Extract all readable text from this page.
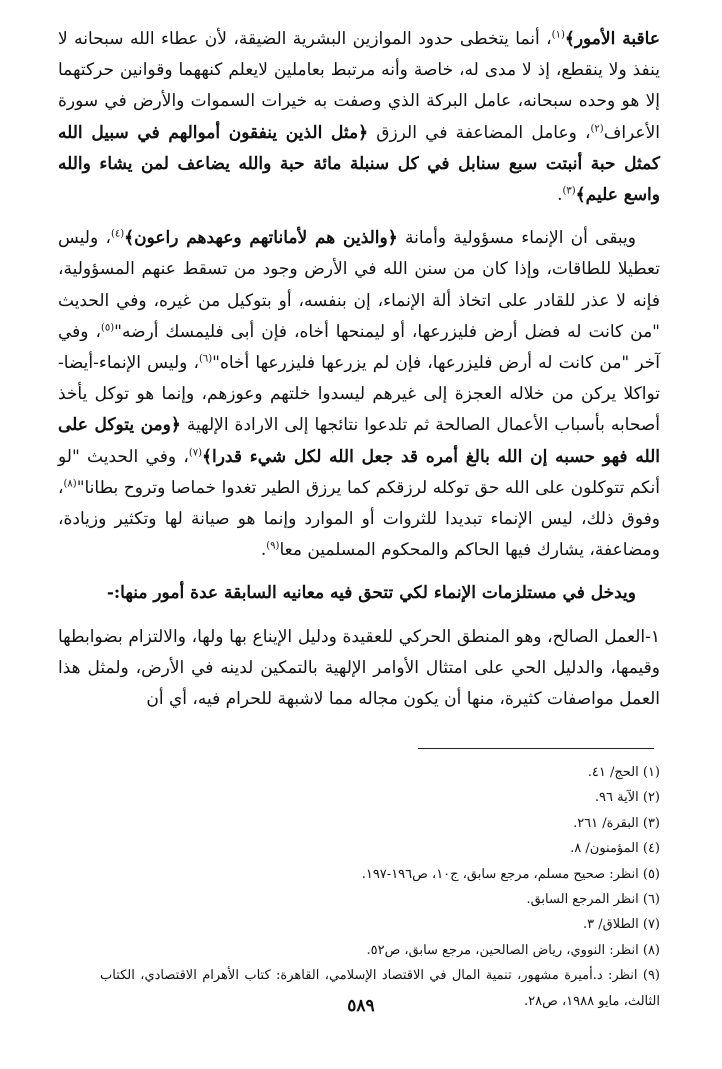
عاقبة الأمور﴾$^{(١)}$، أنما يتخطى حدود الموازين البشرية الضيقة، لأن عطاء الله سبحانه لا ينفذ ولا ينقطع، إذ لا مدى له، خاصة وأنه مرتبط بعاملين لايعلم كنههما وقوانين حركتهما إلا هو وحده سبحانه، عامل البركة الذي وصفت به خيرات السموات والأرض في سورة الأعراف$^{(٢)}$، وعامل المضاعفة في الرزق ﴿مثل الذين ينفقون أموالهم في سبيل الله كمثل حبة أنبتت سبع سنابل في كل سنبلة مائة حبة والله يضاعف لمن يشاء والله واسع عليم﴾$^{(٣)}$.

ويبقى أن الإنماء مسؤولية وأمانة ﴿والذين هم لأماناتهم وعهدهم راعون﴾$^{(٤)}$، وليس تعطيلا للطاقات، وإذا كان من سنن الله في الأرض وجود من تسقط عنهم المسؤولية، فإنه لا عذر للقادر على اتخاذ ألة الإنماء، إن بنفسه، أو بتوكيل من غيره، وفي الحديث "من كانت له فضل أرض فليزرعها، أو ليمنحها أخاه، فإن أبى فليمسك أرضه"$^{(٥)}$، وفي آخر "من كانت له أرض فليزرعها، فإن لم يزرعها فليزرعها أخاه"$^{(٦)}$، وليس الإنماء-أيضا-تواكلا يركن من خلاله العجزة إلى غيرهم ليسدوا خلتهم وعوزهم، وإنما هو توكل يأخذ أصحابه بأسباب الأعمال الصالحة ثم تلدعوا نتائجها إلى الارادة الإلهية ﴿ومن يتوكل على الله فهو حسبه إن الله بالغ أمره قد جعل الله لكل شيء قدرا﴾$^{(٧)}$، وفي الحديث "لو أنكم تتوكلون على الله حق توكله لرزقكم كما يرزق الطير تغدوا خماصا وتروح بطانا"$^{(٨)}$، وفوق ذلك، ليس الإنماء تبديدا للثروات أو الموارد وإنما هو صيانة لها وتكثير وزيادة، ومضاعفة، يشارك فيها الحاكم والمحكوم المسلمين معا$^{(٩)}$.

ويدخل في مستلزمات الإنماء لكي تتحق فيه معانيه السابقة عدة أمور منها:-

١-العمل الصالح، وهو المنطق الحركي للعقيدة ودليل الإيناع بها ولها، والالتزام بضوابطها وقيمها، والدليل الحي على امتثال الأوامر الإلهية بالتمكين لدينه في الأرض، ولمثل هذا العمل مواصفات كثيرة، منها أن يكون مجاله مما لاشبهة للحرام فيه، أي أن

(١) الحج/ ٤١.
(٢) الآية ٩٦.
(٣) البقرة/ ٢٦١.
(٤) المؤمنون/ ٨.
(٥) انظر: صحيح مسلم، مرجع سابق، ج١٠، ص١٩٦-١٩٧.
(٦) انظر المرجع السابق.
(٧) الطلاق/ ٣.
(٨) انظر: النووي، رياض الصالحين، مرجع سابق، ص٥٢.
(٩) انظر: د.أميرة مشهور، تنمية المال في الاقتصاد الإسلامي، القاهرة: كتاب الأهرام الاقتصادي، الكتاب الثالث، مايو ١٩٨٨، ص٢٨.
٥٨٩
